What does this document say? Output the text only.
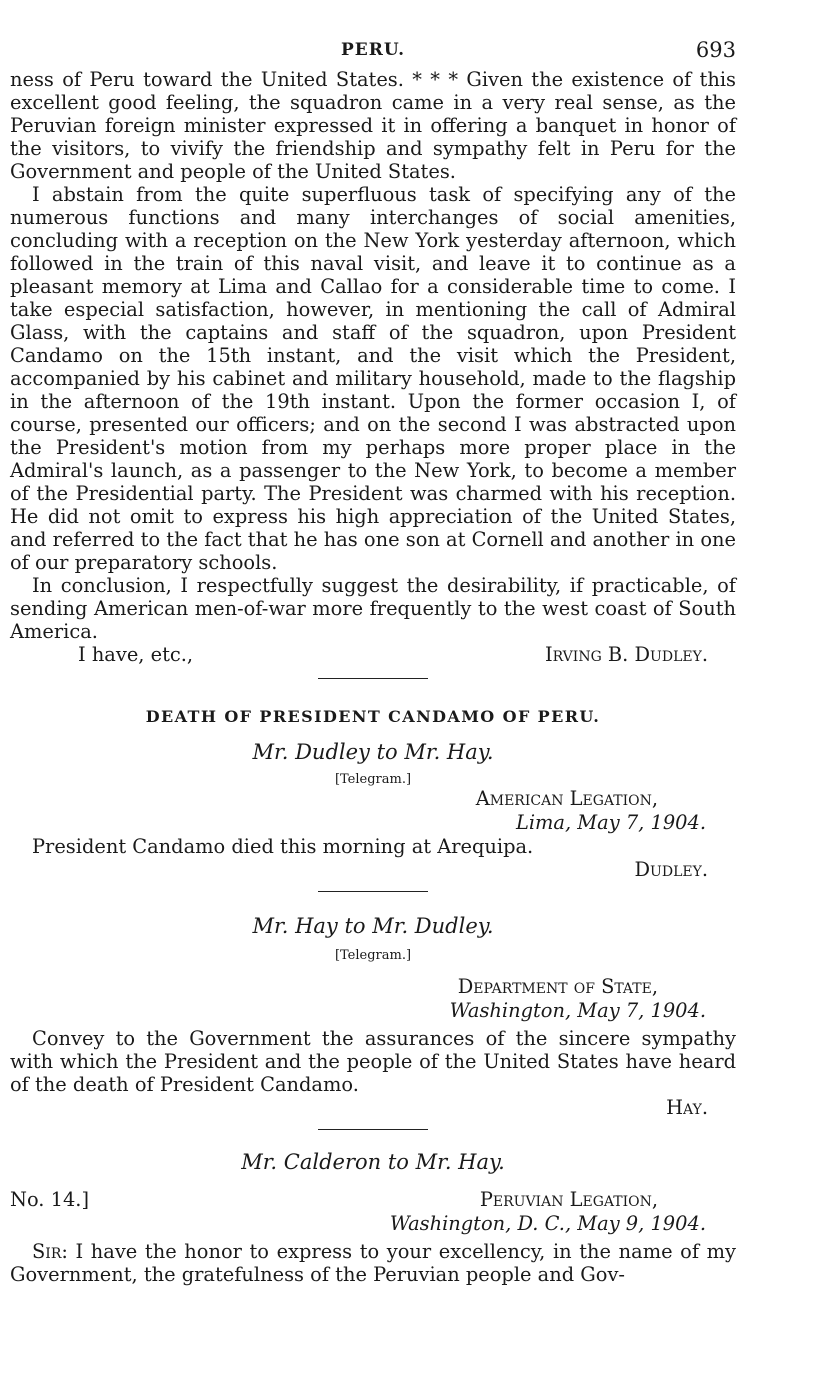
PERU.	693

ness of Peru toward the United States. * * * Given the existence of this excellent good feeling, the squadron came in a very real sense, as the Peruvian foreign minister expressed it in offering a banquet in honor of the visitors, to vivify the friendship and sympathy felt in Peru for the Government and people of the United States.

I abstain from the quite superfluous task of specifying any of the numerous functions and many interchanges of social amenities, concluding with a reception on the New York yesterday afternoon, which followed in the train of this naval visit, and leave it to continue as a pleasant memory at Lima and Callao for a considerable time to come. I take especial satisfaction, however, in mentioning the call of Admiral Glass, with the captains and staff of the squadron, upon President Candamo on the 15th instant, and the visit which the President, accompanied by his cabinet and military household, made to the flagship in the afternoon of the 19th instant. Upon the former occasion I, of course, presented our officers; and on the second I was abstracted upon the President's motion from my perhaps more proper place in the Admiral's launch, as a passenger to the New York, to become a member of the Presidential party. The President was charmed with his reception. He did not omit to express his high appreciation of the United States, and referred to the fact that he has one son at Cornell and another in one of our preparatory schools.

In conclusion, I respectfully suggest the desirability, if practicable, of sending American men-of-war more frequently to the west coast of South America.

I have, etc.,	Irving B. Dudley.

DEATH OF PRESIDENT CANDAMO OF PERU.

Mr. Dudley to Mr. Hay.

[Telegram.]

American Legation,

Lima, May 7, 1904.

President Candamo died this morning at Arequipa.

Dudley.

Mr. Hay to Mr. Dudley.

[Telegram.]

Department of State,

Washington, May 7, 1904.

Convey to the Government the assurances of the sincere sympathy with which the President and the people of the United States have heard of the death of President Candamo.

Hay.

Mr. Calderon to Mr. Hay.

No. 14.]	Peruvian Legation,

Washington, D. C., May 9, 1904.

Sir: I have the honor to express to your excellency, in the name of my Government, the gratefulness of the Peruvian people and Gov-
